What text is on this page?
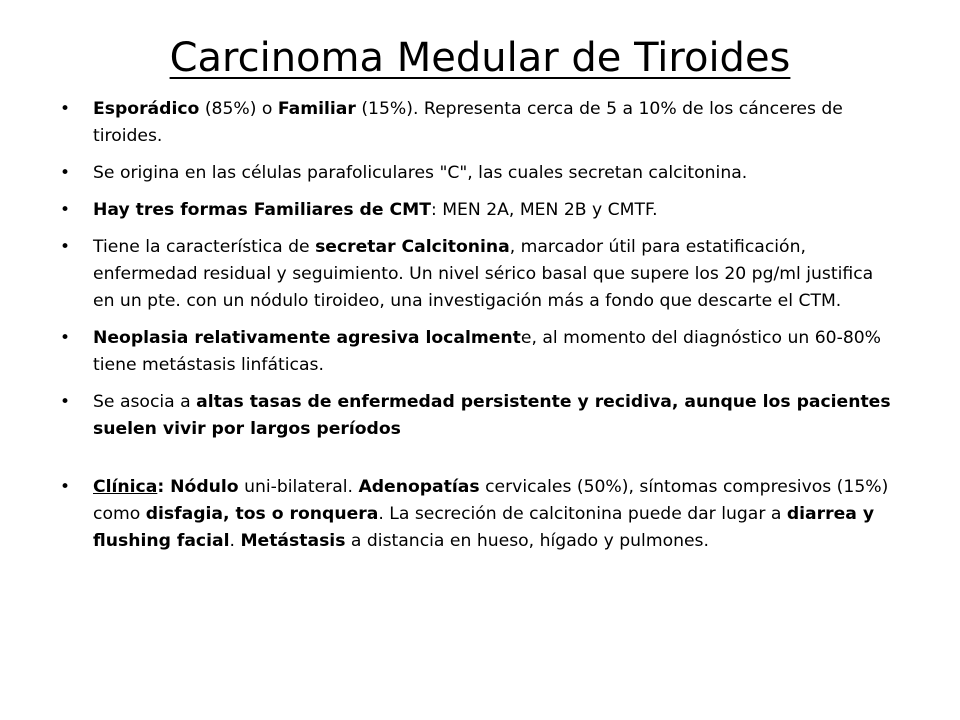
Carcinoma Medular de Tiroides
•	Esporádico (85%) o Familiar (15%). Representa cerca de 5 a 10% de los cánceres de tiroides.
•	Se origina en las células parafoliculares "C", las cuales secretan calcitonina.
•	Hay tres formas Familiares de CMT: MEN 2A, MEN 2B y CMTF.
•	Tiene la característica de secretar Calcitonina, marcador útil para estatificación, enfermedad residual y seguimiento. Un nivel sérico basal que supere los 20 pg/ml justifica en un pte. con un nódulo tiroideo, una investigación más a fondo que descarte el CTM.
•	Neoplasia relativamente agresiva localmente, al momento del diagnóstico un 60-80% tiene metástasis linfáticas.
•	Se asocia a altas tasas de enfermedad persistente y recidiva, aunque los pacientes suelen vivir por largos períodos
•	Clínica: Nódulo uni-bilateral. Adenopatías cervicales (50%), síntomas compresivos (15%) como disfagia, tos o ronquera. La secreción de calcitonina puede dar lugar a diarrea y flushing facial. Metástasis a distancia en hueso, hígado y pulmones.
